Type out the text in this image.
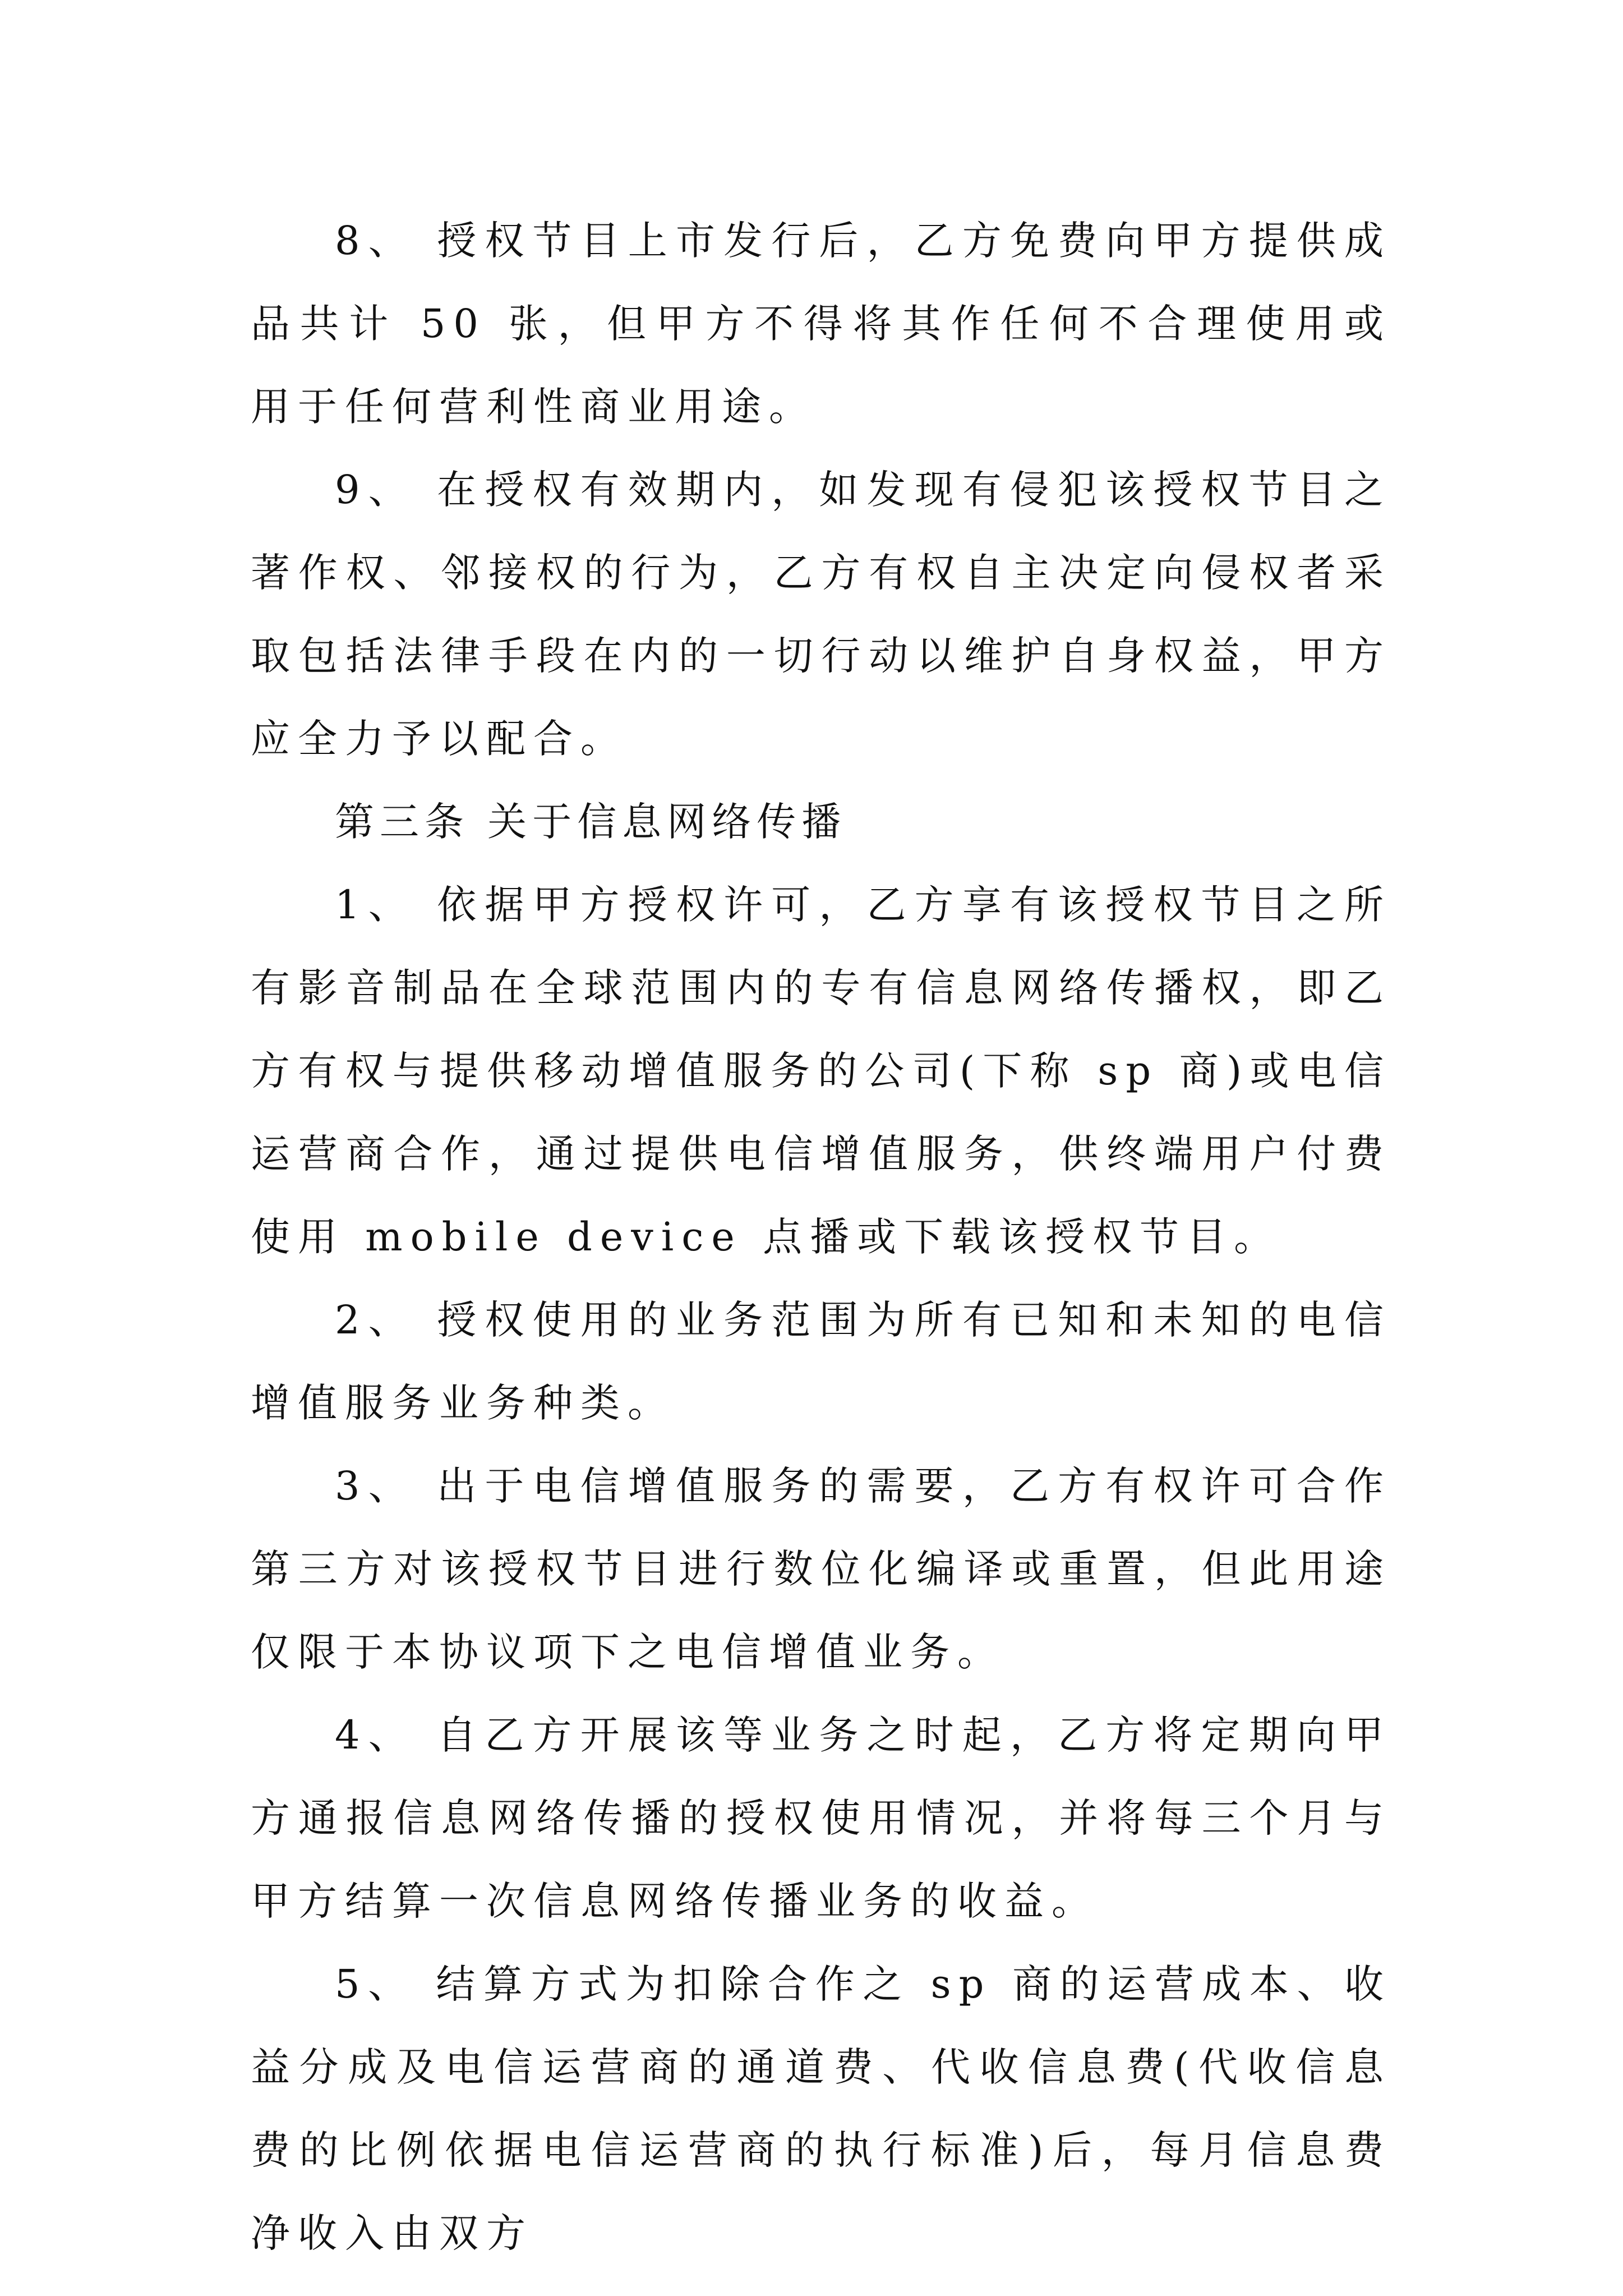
8、 授权节目上市发行后，乙方免费向甲方提供成品共计 50 张，但甲方不得将其作任何不合理使用或用于任何营利性商业用途。

9、 在授权有效期内，如发现有侵犯该授权节目之著作权、邻接权的行为，乙方有权自主决定向侵权者采取包括法律手段在内的一切行动以维护自身权益，甲方应全力予以配合。

第三条 关于信息网络传播

1、 依据甲方授权许可，乙方享有该授权节目之所有影音制品在全球范围内的专有信息网络传播权，即乙方有权与提供移动增值服务的公司(下称 sp 商)或电信运营商合作，通过提供电信增值服务，供终端用户付费使用 mobile device 点播或下载该授权节目。

2、 授权使用的业务范围为所有已知和未知的电信增值服务业务种类。

3、 出于电信增值服务的需要，乙方有权许可合作第三方对该授权节目进行数位化编译或重置，但此用途仅限于本协议项下之电信增值业务。

4、 自乙方开展该等业务之时起，乙方将定期向甲方通报信息网络传播的授权使用情况，并将每三个月与甲方结算一次信息网络传播业务的收益。

5、 结算方式为扣除合作之 sp 商的运营成本、收益分成及电信运营商的通道费、代收信息费(代收信息费的比例依据电信运营商的执行标准)后，每月信息费净收入由双方
